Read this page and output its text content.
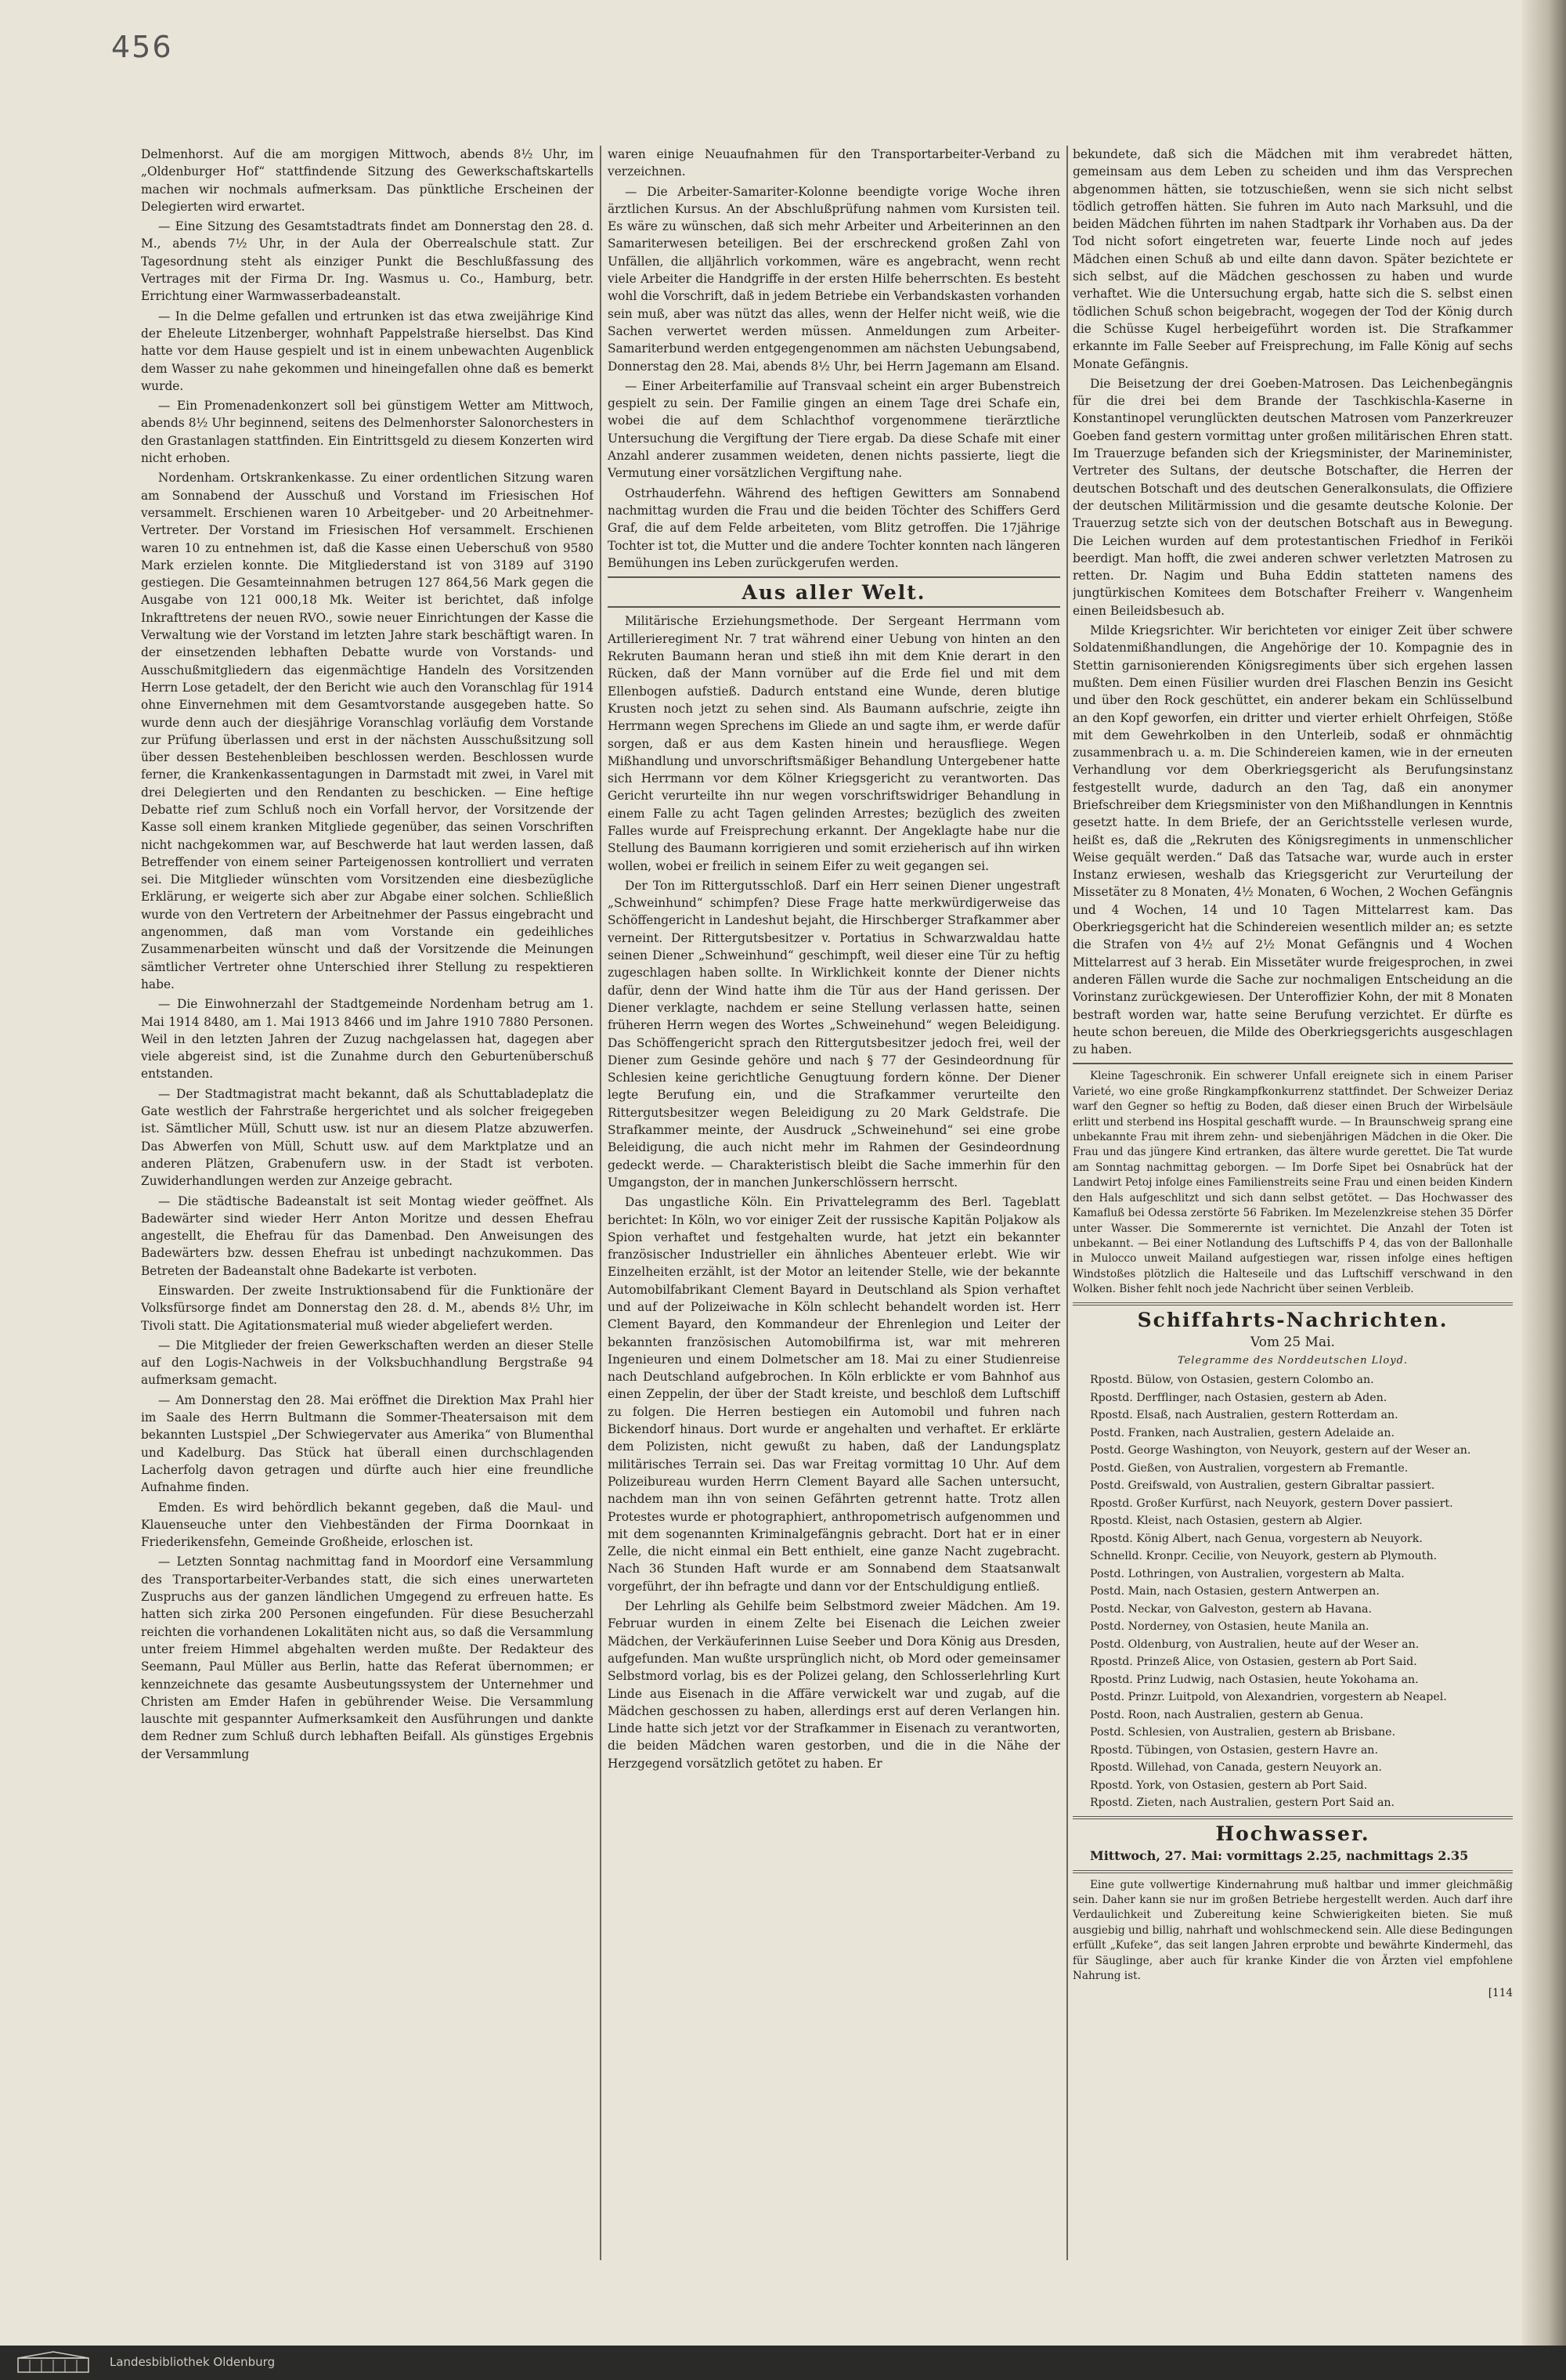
456

Delmenhorst. Auf die am morgigen Mittwoch, abends 8½ Uhr, im „Oldenburger Hof“ stattfindende Sitzung des Gewerkschaftskartells machen wir nochmals aufmerksam. Das pünktliche Erscheinen der Delegierten wird erwartet.

— Eine Sitzung des Gesamtstadtrats findet am Donnerstag den 28. d. M., abends 7½ Uhr, in der Aula der Oberrealschule statt. Zur Tagesordnung steht als einziger Punkt die Beschlußfassung des Vertrages mit der Firma Dr. Ing. Wasmus u. Co., Hamburg, betr. Errichtung einer Warmwasserbadeanstalt.

— In die Delme gefallen und ertrunken ist das etwa zweijährige Kind der Eheleute Litzenberger, wohnhaft Pappelstraße hierselbst. Das Kind hatte vor dem Hause gespielt und ist in einem unbewachten Augenblick dem Wasser zu nahe gekommen und hineingefallen ohne daß es bemerkt wurde.

— Ein Promenadenkonzert soll bei günstigem Wetter am Mittwoch, abends 8½ Uhr beginnend, seitens des Delmenhorster Salonorchesters in den Grastanlagen stattfinden. Ein Eintrittsgeld zu diesem Konzerten wird nicht erhoben.

Nordenham. Ortskrankenkasse. Zu einer ordentlichen Sitzung waren am Sonnabend der Ausschuß und Vorstand im Friesischen Hof versammelt. Erschienen waren 10 Arbeitgeber- und 20 Arbeitnehmer-Vertreter. Der Vorstand im Friesischen Hof versammelt. Erschienen waren 10 zu entnehmen ist, daß die Kasse einen Ueberschuß von 9580 Mark erzielen konnte. Die Mitgliederstand ist von 3189 auf 3190 gestiegen. Die Gesamteinnahmen betrugen 127 864,56 Mark gegen die Ausgabe von 121 000,18 Mk. Weiter ist berichtet, daß infolge Inkrafttretens der neuen RVO., sowie neuer Einrichtungen der Kasse die Verwaltung wie der Vorstand im letzten Jahre stark beschäftigt waren. In der einsetzenden lebhaften Debatte wurde von Vorstands- und Ausschußmitgliedern das eigenmächtige Handeln des Vorsitzenden Herrn Lose getadelt, der den Bericht wie auch den Voranschlag für 1914 ohne Einvernehmen mit dem Gesamtvorstande ausgegeben hatte. So wurde denn auch der diesjährige Voranschlag vorläufig dem Vorstande zur Prüfung überlassen und erst in der nächsten Ausschußsitzung soll über dessen Bestehenbleiben beschlossen werden. Beschlossen wurde ferner, die Krankenkassentagungen in Darmstadt mit zwei, in Varel mit drei Delegierten und den Rendanten zu beschicken. — Eine heftige Debatte rief zum Schluß noch ein Vorfall hervor, der Vorsitzende der Kasse soll einem kranken Mitgliede gegenüber, das seinen Vorschriften nicht nachgekommen war, auf Beschwerde hat laut werden lassen, daß Betreffender von einem seiner Parteigenossen kontrolliert und verraten sei. Die Mitglieder wünschten vom Vorsitzenden eine diesbezügliche Erklärung, er weigerte sich aber zur Abgabe einer solchen. Schließlich wurde von den Vertretern der Arbeitnehmer der Passus eingebracht und angenommen, daß man vom Vorstande ein gedeihliches Zusammenarbeiten wünscht und daß der Vorsitzende die Meinungen sämtlicher Vertreter ohne Unterschied ihrer Stellung zu respektieren habe.

— Die Einwohnerzahl der Stadtgemeinde Nordenham betrug am 1. Mai 1914 8480, am 1. Mai 1913 8466 und im Jahre 1910 7880 Personen. Weil in den letzten Jahren der Zuzug nachgelassen hat, dagegen aber viele abgereist sind, ist die Zunahme durch den Geburtenüberschuß entstanden.

— Der Stadtmagistrat macht bekannt, daß als Schuttabladeplatz die Gate westlich der Fahrstraße hergerichtet und als solcher freigegeben ist. Sämtlicher Müll, Schutt usw. ist nur an diesem Platze abzuwerfen. Das Abwerfen von Müll, Schutt usw. auf dem Marktplatze und an anderen Plätzen, Grabenufern usw. in der Stadt ist verboten. Zuwiderhandlungen werden zur Anzeige gebracht.

— Die städtische Badeanstalt ist seit Montag wieder geöffnet. Als Badewärter sind wieder Herr Anton Moritze und dessen Ehefrau angestellt, die Ehefrau für das Damenbad. Den Anweisungen des Badewärters bzw. dessen Ehefrau ist unbedingt nachzukommen. Das Betreten der Badeanstalt ohne Badekarte ist verboten.

Einswarden. Der zweite Instruktionsabend für die Funktionäre der Volksfürsorge findet am Donnerstag den 28. d. M., abends 8½ Uhr, im Tivoli statt. Die Agitationsmaterial muß wieder abgeliefert werden.

— Die Mitglieder der freien Gewerkschaften werden an dieser Stelle auf den Logis-Nachweis in der Volksbuchhandlung Bergstraße 94 aufmerksam gemacht.

— Am Donnerstag den 28. Mai eröffnet die Direktion Max Prahl hier im Saale des Herrn Bultmann die Sommer-Theatersaison mit dem bekannten Lustspiel „Der Schwiegervater aus Amerika“ von Blumenthal und Kadelburg. Das Stück hat überall einen durchschlagenden Lacherfolg davon getragen und dürfte auch hier eine freundliche Aufnahme finden.

Emden. Es wird behördlich bekannt gegeben, daß die Maul- und Klauenseuche unter den Viehbeständen der Firma Doornkaat in Friederikensfehn, Gemeinde Großheide, erloschen ist.

— Letzten Sonntag nachmittag fand in Moordorf eine Versammlung des Transportarbeiter-Verbandes statt, die sich eines unerwarteten Zuspruchs aus der ganzen ländlichen Umgegend zu erfreuen hatte. Es hatten sich zirka 200 Personen eingefunden. Für diese Besucherzahl reichten die vorhandenen Lokalitäten nicht aus, so daß die Versammlung unter freiem Himmel abgehalten werden mußte. Der Redakteur des Seemann, Paul Müller aus Berlin, hatte das Referat übernommen; er kennzeichnete das gesamte Ausbeutungssystem der Unternehmer und Christen am Emder Hafen in gebührender Weise. Die Versammlung lauschte mit gespannter Aufmerksamkeit den Ausführungen und dankte dem Redner zum Schluß durch lebhaften Beifall. Als günstiges Ergebnis der Versammlung

waren einige Neuaufnahmen für den Transportarbeiter-Verband zu verzeichnen.

— Die Arbeiter-Samariter-Kolonne beendigte vorige Woche ihren ärztlichen Kursus. An der Abschlußprüfung nahmen vom Kursisten teil. Es wäre zu wünschen, daß sich mehr Arbeiter und Arbeiterinnen an den Samariterwesen beteiligen. Bei der erschreckend großen Zahl von Unfällen, die alljährlich vorkommen, wäre es angebracht, wenn recht viele Arbeiter die Handgriffe in der ersten Hilfe beherrschten. Es besteht wohl die Vorschrift, daß in jedem Betriebe ein Verbandskasten vorhanden sein muß, aber was nützt das alles, wenn der Helfer nicht weiß, wie die Sachen verwertet werden müssen. Anmeldungen zum Arbeiter-Samariterbund werden entgegengenommen am nächsten Uebungsabend, Donnerstag den 28. Mai, abends 8½ Uhr, bei Herrn Jagemann am Elsand.

— Einer Arbeiterfamilie auf Transvaal scheint ein arger Bubenstreich gespielt zu sein. Der Familie gingen an einem Tage drei Schafe ein, wobei die auf dem Schlachthof vorgenommene tierärztliche Untersuchung die Vergiftung der Tiere ergab. Da diese Schafe mit einer Anzahl anderer zusammen weideten, denen nichts passierte, liegt die Vermutung einer vorsätzlichen Vergiftung nahe.

Ostrhauderfehn. Während des heftigen Gewitters am Sonnabend nachmittag wurden die Frau und die beiden Töchter des Schiffers Gerd Graf, die auf dem Felde arbeiteten, vom Blitz getroffen. Die 17jährige Tochter ist tot, die Mutter und die andere Tochter konnten nach längeren Bemühungen ins Leben zurückgerufen werden.

Aus aller Welt.

Militärische Erziehungsmethode. Der Sergeant Herrmann vom Artillerieregiment Nr. 7 trat während einer Uebung von hinten an den Rekruten Baumann heran und stieß ihn mit dem Knie derart in den Rücken, daß der Mann vornüber auf die Erde fiel und mit dem Ellenbogen aufstieß. Dadurch entstand eine Wunde, deren blutige Krusten noch jetzt zu sehen sind. Als Baumann aufschrie, zeigte ihn Herrmann wegen Sprechens im Gliede an und sagte ihm, er werde dafür sorgen, daß er aus dem Kasten hinein und herausfliege. Wegen Mißhandlung und unvorschriftsmäßiger Behandlung Untergebener hatte sich Herrmann vor dem Kölner Kriegsgericht zu verantworten. Das Gericht verurteilte ihn nur wegen vorschriftswidriger Behandlung in einem Falle zu acht Tagen gelinden Arrestes; bezüglich des zweiten Falles wurde auf Freisprechung erkannt. Der Angeklagte habe nur die Stellung des Baumann korrigieren und somit erzieherisch auf ihn wirken wollen, wobei er freilich in seinem Eifer zu weit gegangen sei.

Der Ton im Rittergutsschloß. Darf ein Herr seinen Diener ungestraft „Schweinhund“ schimpfen? Diese Frage hatte merkwürdigerweise das Schöffengericht in Landeshut bejaht, die Hirschberger Strafkammer aber verneint. Der Rittergutsbesitzer v. Portatius in Schwarzwaldau hatte seinen Diener „Schweinhund“ geschimpft, weil dieser eine Tür zu heftig zugeschlagen haben sollte. In Wirklichkeit konnte der Diener nichts dafür, denn der Wind hatte ihm die Tür aus der Hand gerissen. Der Diener verklagte, nachdem er seine Stellung verlassen hatte, seinen früheren Herrn wegen des Wortes „Schweinehund“ wegen Beleidigung. Das Schöffengericht sprach den Rittergutsbesitzer jedoch frei, weil der Diener zum Gesinde gehöre und nach § 77 der Gesindeordnung für Schlesien keine gerichtliche Genugtuung fordern könne. Der Diener legte Berufung ein, und die Strafkammer verurteilte den Rittergutsbesitzer wegen Beleidigung zu 20 Mark Geldstrafe. Die Strafkammer meinte, der Ausdruck „Schweinehund“ sei eine grobe Beleidigung, die auch nicht mehr im Rahmen der Gesindeordnung gedeckt werde. — Charakteristisch bleibt die Sache immerhin für den Umgangston, der in manchen Junkerschlössern herrscht.

Das ungastliche Köln. Ein Privattelegramm des Berl. Tageblatt berichtet: In Köln, wo vor einiger Zeit der russische Kapitän Poljakow als Spion verhaftet und festgehalten wurde, hat jetzt ein bekannter französischer Industrieller ein ähnliches Abenteuer erlebt. Wie wir Einzelheiten erzählt, ist der Motor an leitender Stelle, wie der bekannte Automobilfabrikant Clement Bayard in Deutschland als Spion verhaftet und auf der Polizeiwache in Köln schlecht behandelt worden ist. Herr Clement Bayard, den Kommandeur der Ehrenlegion und Leiter der bekannten französischen Automobilfirma ist, war mit mehreren Ingenieuren und einem Dolmetscher am 18. Mai zu einer Studienreise nach Deutschland aufgebrochen. In Köln erblickte er vom Bahnhof aus einen Zeppelin, der über der Stadt kreiste, und beschloß dem Luftschiff zu folgen. Die Herren bestiegen ein Automobil und fuhren nach Bickendorf hinaus. Dort wurde er angehalten und verhaftet. Er erklärte dem Polizisten, nicht gewußt zu haben, daß der Landungsplatz militärisches Terrain sei. Das war Freitag vormittag 10 Uhr. Auf dem Polizeibureau wurden Herrn Clement Bayard alle Sachen untersucht, nachdem man ihn von seinen Gefährten getrennt hatte. Trotz allen Protestes wurde er photographiert, anthropometrisch aufgenommen und mit dem sogenannten Kriminalgefängnis gebracht. Dort hat er in einer Zelle, die nicht einmal ein Bett enthielt, eine ganze Nacht zugebracht. Nach 36 Stunden Haft wurde er am Sonnabend dem Staatsanwalt vorgeführt, der ihn befragte und dann vor der Entschuldigung entließ.

Der Lehrling als Gehilfe beim Selbstmord zweier Mädchen. Am 19. Februar wurden in einem Zelte bei Eisenach die Leichen zweier Mädchen, der Verkäuferinnen Luise Seeber und Dora König aus Dresden, aufgefunden. Man wußte ursprünglich nicht, ob Mord oder gemeinsamer Selbstmord vorlag, bis es der Polizei gelang, den Schlosserlehrling Kurt Linde aus Eisenach in die Affäre verwickelt war und zugab, auf die Mädchen geschossen zu haben, allerdings erst auf deren Verlangen hin. Linde hatte sich jetzt vor der Strafkammer in Eisenach zu verantworten, die beiden Mädchen waren gestorben, und die in die Nähe der Herzgegend vorsätzlich getötet zu haben. Er

bekundete, daß sich die Mädchen mit ihm verabredet hätten, gemeinsam aus dem Leben zu scheiden und ihm das Versprechen abgenommen hätten, sie totzuschießen, wenn sie sich nicht selbst tödlich getroffen hätten. Sie fuhren im Auto nach Marksuhl, und die beiden Mädchen führten im nahen Stadtpark ihr Vorhaben aus. Da der Tod nicht sofort eingetreten war, feuerte Linde noch auf jedes Mädchen einen Schuß ab und eilte dann davon. Später bezichtete er sich selbst, auf die Mädchen geschossen zu haben und wurde verhaftet. Wie die Untersuchung ergab, hatte sich die S. selbst einen tödlichen Schuß schon beigebracht, wogegen der Tod der König durch die Schüsse Kugel herbeigeführt worden ist. Die Strafkammer erkannte im Falle Seeber auf Freisprechung, im Falle König auf sechs Monate Gefängnis.

Die Beisetzung der drei Goeben-Matrosen. Das Leichenbegängnis für die drei bei dem Brande der Taschkischla-Kaserne in Konstantinopel verunglückten deutschen Matrosen vom Panzerkreuzer Goeben fand gestern vormittag unter großen militärischen Ehren statt. Im Trauerzuge befanden sich der Kriegsminister, der Marineminister, Vertreter des Sultans, der deutsche Botschafter, die Herren der deutschen Botschaft und des deutschen Generalkonsulats, die Offiziere der deutschen Militärmission und die gesamte deutsche Kolonie. Der Trauerzug setzte sich von der deutschen Botschaft aus in Bewegung. Die Leichen wurden auf dem protestantischen Friedhof in Feriköi beerdigt. Man hofft, die zwei anderen schwer verletzten Matrosen zu retten. Dr. Nagim und Buha Eddin statteten namens des jungtürkischen Komitees dem Botschafter Freiherr v. Wangenheim einen Beileidsbesuch ab.

Milde Kriegsrichter. Wir berichteten vor einiger Zeit über schwere Soldatenmißhandlungen, die Angehörige der 10. Kompagnie des in Stettin garnisonierenden Königsregiments über sich ergehen lassen mußten. Dem einen Füsilier wurden drei Flaschen Benzin ins Gesicht und über den Rock geschüttet, ein anderer bekam ein Schlüsselbund an den Kopf geworfen, ein dritter und vierter erhielt Ohrfeigen, Stöße mit dem Gewehrkolben in den Unterleib, sodaß er ohnmächtig zusammenbrach u. a. m. Die Schindereien kamen, wie in der erneuten Verhandlung vor dem Oberkriegsgericht als Berufungsinstanz festgestellt wurde, dadurch an den Tag, daß ein anonymer Briefschreiber dem Kriegsminister von den Mißhandlungen in Kenntnis gesetzt hatte. In dem Briefe, der an Gerichtsstelle verlesen wurde, heißt es, daß die „Rekruten des Königsregiments in unmenschlicher Weise gequält werden.“ Daß das Tatsache war, wurde auch in erster Instanz erwiesen, weshalb das Kriegsgericht zur Verurteilung der Missetäter zu 8 Monaten, 4½ Monaten, 6 Wochen, 2 Wochen Gefängnis und 4 Wochen, 14 und 10 Tagen Mittelarrest kam. Das Oberkriegsgericht hat die Schindereien wesentlich milder an; es setzte die Strafen von 4½ auf 2½ Monat Gefängnis und 4 Wochen Mittelarrest auf 3 herab. Ein Missetäter wurde freigesprochen, in zwei anderen Fällen wurde die Sache zur nochmaligen Entscheidung an die Vorinstanz zurückgewiesen. Der Unteroffizier Kohn, der mit 8 Monaten bestraft worden war, hatte seine Berufung verzichtet. Er dürfte es heute schon bereuen, die Milde des Oberkriegsgerichts ausgeschlagen zu haben.

Kleine Tageschronik. Ein schwerer Unfall ereignete sich in einem Pariser Varieté, wo eine große Ringkampfkonkurrenz stattfindet. Der Schweizer Deriaz warf den Gegner so heftig zu Boden, daß dieser einen Bruch der Wirbelsäule erlitt und sterbend ins Hospital geschafft wurde. — In Braunschweig sprang eine unbekannte Frau mit ihrem zehn- und siebenjährigen Mädchen in die Oker. Die Frau und das jüngere Kind ertranken, das ältere wurde gerettet. Die Tat wurde am Sonntag nachmittag geborgen. — Im Dorfe Sipet bei Osnabrück hat der Landwirt Petoj infolge eines Familienstreits seine Frau und einen beiden Kindern den Hals aufgeschlitzt und sich dann selbst getötet. — Das Hochwasser des Kamafluß bei Odessa zerstörte 56 Fabriken. Im Mezelenzkreise stehen 35 Dörfer unter Wasser. Die Sommerernte ist vernichtet. Die Anzahl der Toten ist unbekannt. — Bei einer Notlandung des Luftschiffs P 4, das von der Ballonhalle in Mulocco unweit Mailand aufgestiegen war, rissen infolge eines heftigen Windstoßes plötzlich die Halteseile und das Luftschiff verschwand in den Wolken. Bisher fehlt noch jede Nachricht über seinen Verbleib.

Schiffahrts-Nachrichten.
Vom 25 Mai.
Telegramme des Norddeutschen Lloyd.

Rpostd. Bülow, von Ostasien, gestern Colombo an.

Rpostd. Derfflinger, nach Ostasien, gestern ab Aden.

Rpostd. Elsaß, nach Australien, gestern Rotterdam an.

Postd. Franken, nach Australien, gestern Adelaide an.

Postd. George Washington, von Neuyork, gestern auf der Weser an.

Postd. Gießen, von Australien, vorgestern ab Fremantle.

Postd. Greifswald, von Australien, gestern Gibraltar passiert.

Rpostd. Großer Kurfürst, nach Neuyork, gestern Dover passiert.

Rpostd. Kleist, nach Ostasien, gestern ab Algier.

Rpostd. König Albert, nach Genua, vorgestern ab Neuyork.

Schnelld. Kronpr. Cecilie, von Neuyork, gestern ab Plymouth.

Postd. Lothringen, von Australien, vorgestern ab Malta.

Postd. Main, nach Ostasien, gestern Antwerpen an.

Postd. Neckar, von Galveston, gestern ab Havana.

Postd. Norderney, von Ostasien, heute Manila an.

Postd. Oldenburg, von Australien, heute auf der Weser an.

Rpostd. Prinzeß Alice, von Ostasien, gestern ab Port Said.

Rpostd. Prinz Ludwig, nach Ostasien, heute Yokohama an.

Postd. Prinzr. Luitpold, von Alexandrien, vorgestern ab Neapel.

Postd. Roon, nach Australien, gestern ab Genua.

Postd. Schlesien, von Australien, gestern ab Brisbane.

Rpostd. Tübingen, von Ostasien, gestern Havre an.

Rpostd. Willehad, von Canada, gestern Neuyork an.

Rpostd. York, von Ostasien, gestern ab Port Said.

Rpostd. Zieten, nach Australien, gestern Port Said an.

Hochwasser.

Mittwoch, 27. Mai: vormittags 2.25, nachmittags 2.35

Eine gute vollwertige Kindernahrung muß haltbar und immer gleichmäßig sein. Daher kann sie nur im großen Betriebe hergestellt werden. Auch darf ihre Verdaulichkeit und Zubereitung keine Schwierigkeiten bieten. Sie muß ausgiebig und billig, nahrhaft und wohlschmeckend sein. Alle diese Bedingungen erfüllt „Kufeke“, das seit langen Jahren erprobte und bewährte Kindermehl, das für Säuglinge, aber auch für kranke Kinder die von Ärzten viel empfohlene Nahrung ist.

[114

Landesbibliothek Oldenburg
